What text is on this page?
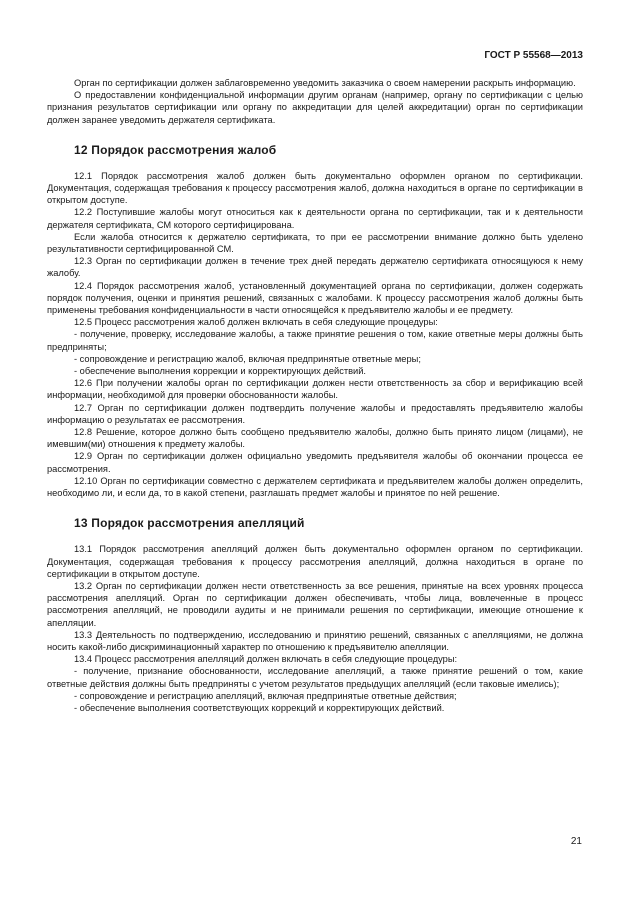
ГОСТ Р 55568—2013

Орган по сертификации должен заблаговременно уведомить заказчика о своем намерении раскрыть информацию.

О предоставлении конфиденциальной информации другим органам (например, органу по сертификации с целью признания результатов сертификации или органу по аккредитации для целей аккредитации) орган по сертификации должен заранее уведомить держателя сертификата.

12 Порядок рассмотрения жалоб

12.1 Порядок рассмотрения жалоб должен быть документально оформлен органом по сертификации. Документация, содержащая требования к процессу рассмотрения жалоб, должна находиться в органе по сертификации в открытом доступе.

12.2 Поступившие жалобы могут относиться как к деятельности органа по сертификации, так и к деятельности держателя сертификата, СМ которого сертифицирована.

Если жалоба относится к держателю сертификата, то при ее рассмотрении внимание должно быть уделено результативности сертифицированной СМ.

12.3 Орган по сертификации должен в течение трех дней передать держателю сертификата относящуюся к нему жалобу.

12.4 Порядок рассмотрения жалоб, установленный документацией органа по сертификации, должен содержать порядок получения, оценки и принятия решений, связанных с жалобами. К процессу рассмотрения жалоб должны быть применены требования конфиденциальности в части относящейся к предъявителю жалобы и ее предмету.

12.5 Процесс рассмотрения жалоб должен включать в себя следующие процедуры:

- получение, проверку, исследование жалобы, а также принятие решения о том, какие ответные меры должны быть предприняты;

- сопровождение и регистрацию жалоб, включая предпринятые ответные меры;

- обеспечение выполнения коррекции и корректирующих действий.

12.6 При получении жалобы орган по сертификации должен нести ответственность за сбор и верификацию всей информации, необходимой для проверки обоснованности жалобы.

12.7 Орган по сертификации должен подтвердить получение жалобы и предоставлять предъявителю жалобы информацию о результатах ее рассмотрения.

12.8 Решение, которое должно быть сообщено предъявителю жалобы, должно быть принято лицом (лицами), не имевшим(ми) отношения к предмету жалобы.

12.9 Орган по сертификации должен официально уведомить предъявителя жалобы об окончании процесса ее рассмотрения.

12.10 Орган по сертификации совместно с держателем сертификата и предъявителем жалобы должен определить, необходимо ли, и если да, то в какой степени, разглашать предмет жалобы и принятое по ней решение.

13 Порядок рассмотрения апелляций

13.1 Порядок рассмотрения апелляций должен быть документально оформлен органом по сертификации. Документация, содержащая требования к процессу рассмотрения апелляций, должна находиться в органе по сертификации в открытом доступе.

13.2 Орган по сертификации должен нести ответственность за все решения, принятые на всех уровнях процесса рассмотрения апелляций. Орган по сертификации должен обеспечивать, чтобы лица, вовлеченные в процесс рассмотрения апелляций, не проводили аудиты и не принимали решения по сертификации, имеющие отношение к апелляции.

13.3 Деятельность по подтверждению, исследованию и принятию решений, связанных с апелляциями, не должна носить какой-либо дискриминационный характер по отношению к предъявителю апелляции.

13.4 Процесс рассмотрения апелляций должен включать в себя следующие процедуры:

- получение, признание обоснованности, исследование апелляций, а также принятие решений о том, какие ответные действия должны быть предприняты с учетом результатов предыдущих апелляций (если таковые имелись);

- сопровождение и регистрацию апелляций, включая предпринятые ответные действия;

- обеспечение выполнения соответствующих коррекций и корректирующих действий.

21
